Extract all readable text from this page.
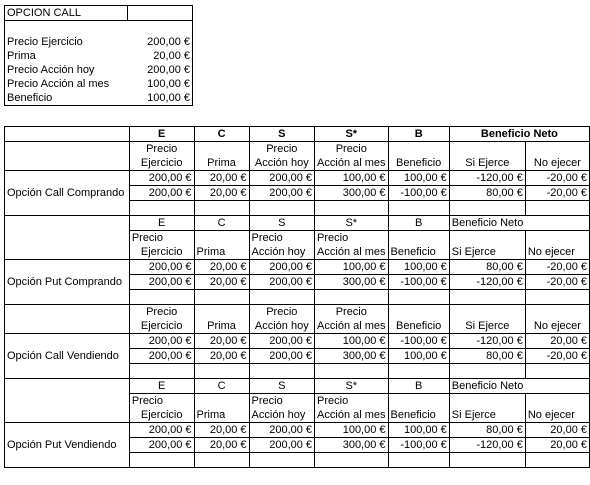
OPCION CALL	

Precio Ejercicio	200,00 €
Prima	20,00 €
Precio Acción hoy	200,00 €
Precio Acción al mes	100,00 €
Beneficio	100,00 €
	E	C	S	S*	B	Beneficio Neto	
	Precio		Precio	Precio			
	Ejercicio	Prima	Acción hoy	Acción al mes	Beneficio	Si Ejerce	No ejecer
	200,00 €	20,00 €	200,00 €	100,00 €	100,00 €	-120,00 €	-20,00 €
Opción Call Comprando	200,00 €	20,00 €	200,00 €	300,00 €	-100,00 €	80,00 €	-20,00 €

	E	C	S	S*	B	Beneficio Neto	
	Precio		Precio	Precio			
	Ejercicio	Prima	Acción hoy	Acción al mes	Beneficio	Si Ejerce	No ejecer
	200,00 €	20,00 €	200,00 €	100,00 €	100,00 €	80,00 €	-20,00 €
Opción Put Comprando	200,00 €	20,00 €	200,00 €	300,00 €	-100,00 €	-120,00 €	-20,00 €

	Precio		Precio	Precio			
	Ejercicio	Prima	Acción hoy	Acción al mes	Beneficio	Si Ejerce	No ejecer
	200,00 €	20,00 €	200,00 €	100,00 €	-100,00 €	-120,00 €	20,00 €
Opción Call Vendiendo	200,00 €	20,00 €	200,00 €	300,00 €	100,00 €	80,00 €	-20,00 €

	E	C	S	S*	B	Beneficio Neto	
	Precio		Precio	Precio			
	Ejercicio	Prima	Acción hoy	Acción al mes	Beneficio	Si Ejerce	No ejecer
	200,00 €	20,00 €	200,00 €	100,00 €	100,00 €	80,00 €	20,00 €
Opción Put Vendiendo	200,00 €	20,00 €	200,00 €	300,00 €	-100,00 €	-120,00 €	20,00 €
